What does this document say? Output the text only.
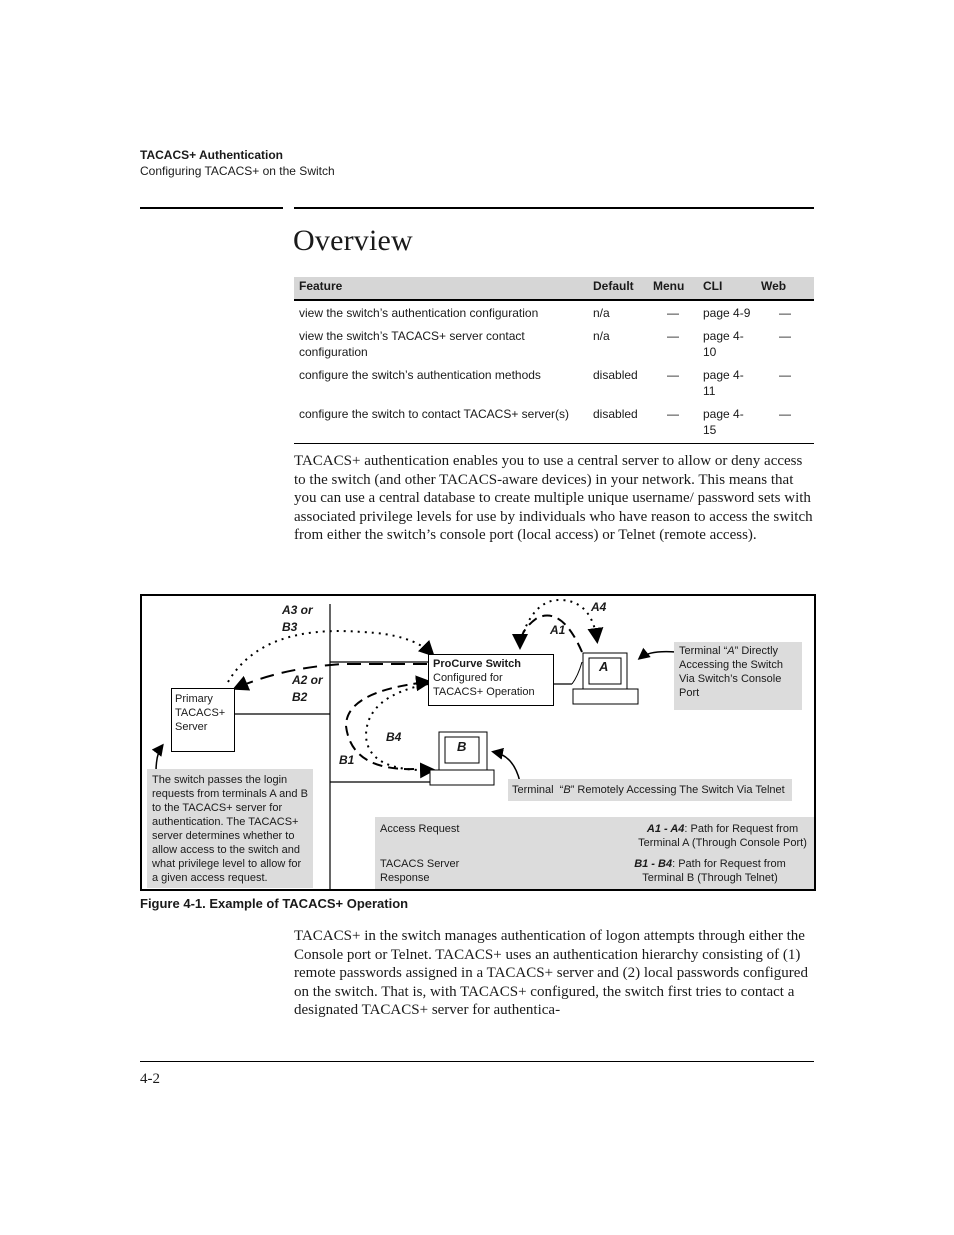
TACACS+ Authentication
Configuring TACACS+ on the Switch
Overview
Feature	Default	Menu	CLI	Web
view the switch’s authentication configuration	n/a	—	page 4-9	—
view the switch’s TACACS+ server contact configuration	n/a	—	page 4-10	—
configure the switch’s authentication methods	disabled	—	page 4-11	—
configure the switch to contact TACACS+ server(s)	disabled	—	page 4-15	—
TACACS+ authentication enables you to use a central server to allow or deny access to the switch (and other TACACS-aware devices) in your network. This means that you can use a central database to create multiple unique username/ password sets with associated privilege levels for use by individuals who have reason to access the switch from either the switch’s console port (local access) or Telnet (remote access).
A3 or
B3
A2 or
B2
A4
A1
B4
B1
A
B
Primary
TACACS+
Server
ProCurve Switch
Configured for
TACACS+ Operation
Terminal “A” Directly Accessing the Switch Via Switch’s Console Port
Terminal  “B” Remotely Accessing The Switch Via Telnet
The switch passes the login requests from terminals A and B to the TACACS+ server for authentication. The TACACS+ server determines whether to allow access to the switch and what privilege level to allow for a given access request.
Access Request
TACACS Server
Response
A1 - A4: Path for Request from
Terminal A (Through Console Port)
B1 - B4: Path for Request from
Terminal B (Through Telnet)
Figure 4-1. Example of TACACS+ Operation
TACACS+ in the switch manages authentication of logon attempts through either the Console port or Telnet. TACACS+ uses an authentication hierarchy consisting of (1) remote passwords assigned in a TACACS+ server and (2) local passwords configured on the switch. That is, with TACACS+ configured, the switch first tries to contact a designated TACACS+ server for authentica-
4-2
